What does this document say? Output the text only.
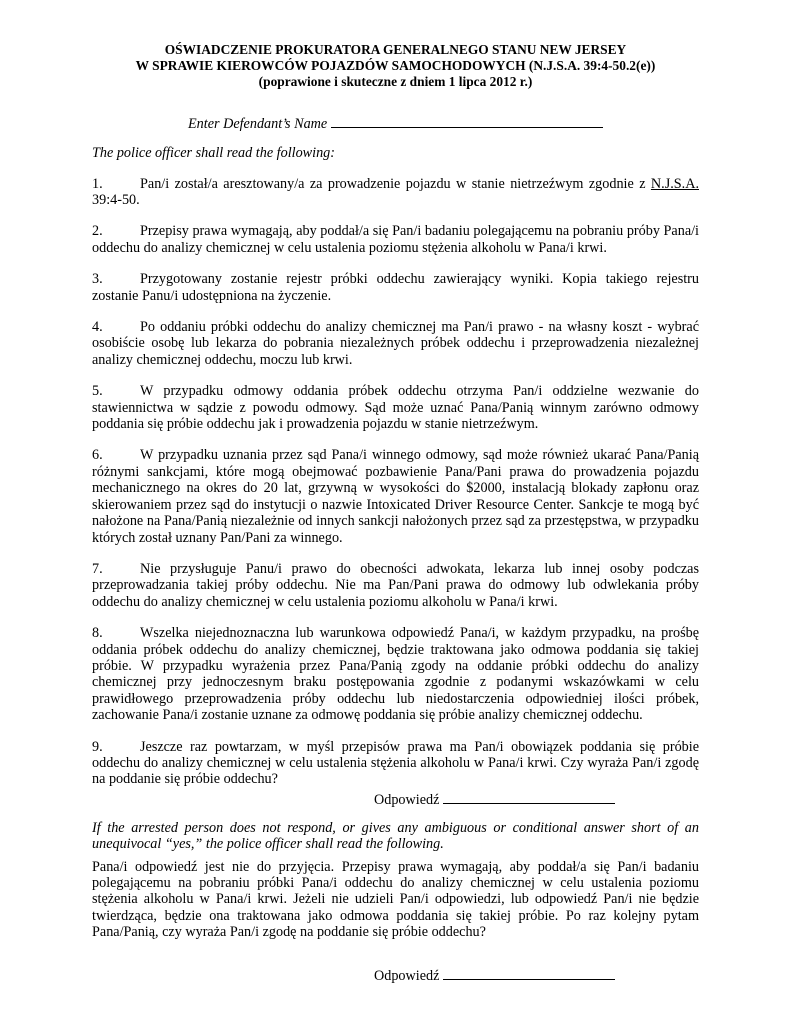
OŚWIADCZENIE PROKURATORA GENERALNEGO STANU NEW JERSEY

W SPRAWIE KIEROWCÓW POJAZDÓW SAMOCHODOWYCH (N.J.S.A. 39:4-50.2(e))

(poprawione i skuteczne z dniem 1 lipca 2012 r.)

Enter Defendant’s Name
The police officer shall read the following:

1.	Pan/i został/a aresztowany/a za prowadzenie pojazdu w stanie nietrzeźwym zgodnie z N.J.S.A. 39:4-50.

2.	Przepisy prawa wymagają, aby poddał/a się Pan/i badaniu polegającemu na pobraniu próby Pana/i oddechu do analizy chemicznej w celu ustalenia poziomu stężenia alkoholu w Pana/i krwi.

3.	Przygotowany zostanie rejestr próbki oddechu zawierający wyniki. Kopia takiego rejestru zostanie Panu/i udostępniona na życzenie.

4.	Po oddaniu próbki oddechu do analizy chemicznej ma Pan/i prawo - na własny koszt - wybrać osobiście osobę lub lekarza do pobrania niezależnych próbek oddechu i przeprowadzenia niezależnej analizy chemicznej oddechu, moczu lub krwi.

5.	W przypadku odmowy oddania próbek oddechu otrzyma Pan/i oddzielne wezwanie do stawiennictwa w sądzie z powodu odmowy. Sąd może uznać Pana/Panią winnym zarówno odmowy poddania się próbie oddechu jak i prowadzenia pojazdu w stanie nietrzeźwym.

6.	W przypadku uznania przez sąd Pana/i winnego odmowy, sąd może również ukarać Pana/Panią różnymi sankcjami, które mogą obejmować pozbawienie Pana/Pani prawa do prowadzenia pojazdu mechanicznego na okres do 20 lat, grzywną w wysokości do $2000, instalacją blokady zapłonu oraz skierowaniem przez sąd do instytucji o nazwie Intoxicated Driver Resource Center. Sankcje te mogą być nałożone na Pana/Panią niezależnie od innych sankcji nałożonych przez sąd za przestępstwa, w przypadku których został uznany Pan/Pani za winnego.

7.	Nie przysługuje Panu/i prawo do obecności adwokata, lekarza lub innej osoby podczas przeprowadzania takiej próby oddechu. Nie ma Pan/Pani prawa do odmowy lub odwlekania próby oddechu do analizy chemicznej w celu ustalenia poziomu alkoholu w Pana/i krwi.

8.	Wszelka niejednoznaczna lub warunkowa odpowiedź Pana/i, w każdym przypadku, na prośbę oddania próbek oddechu do analizy chemicznej, będzie traktowana jako odmowa poddania się takiej próbie. W przypadku wyrażenia przez Pana/Panią zgody na oddanie próbki oddechu do analizy chemicznej przy jednoczesnym braku postępowania zgodnie z podanymi wskazówkami w celu prawidłowego przeprowadzenia próby oddechu lub niedostarczenia odpowiedniej ilości próbek, zachowanie Pana/i zostanie uznane za odmowę poddania się próbie analizy chemicznej oddechu.

9.	Jeszcze raz powtarzam, w myśl przepisów prawa ma Pan/i obowiązek poddania się próbie oddechu do analizy chemicznej w celu ustalenia stężenia alkoholu w Pana/i krwi. Czy wyraża Pan/i zgodę na poddanie się próbie oddechu?

Odpowiedź
If the arrested person does not respond, or gives any ambiguous or conditional answer short of an unequivocal “yes,” the police officer shall read the following.
Pana/i odpowiedź jest nie do przyjęcia. Przepisy prawa wymagają, aby poddał/a się Pan/i badaniu polegającemu na pobraniu próbki Pana/i oddechu do analizy chemicznej w celu ustalenia poziomu stężenia alkoholu w Pana/i krwi. Jeżeli nie udzieli Pan/i odpowiedzi, lub odpowiedź Pan/i nie będzie twierdząca, będzie ona traktowana jako odmowa poddania się takiej próbie. Po raz kolejny pytam Pana/Panią, czy wyraża Pan/i zgodę na poddanie się próbie oddechu?
Odpowiedź
